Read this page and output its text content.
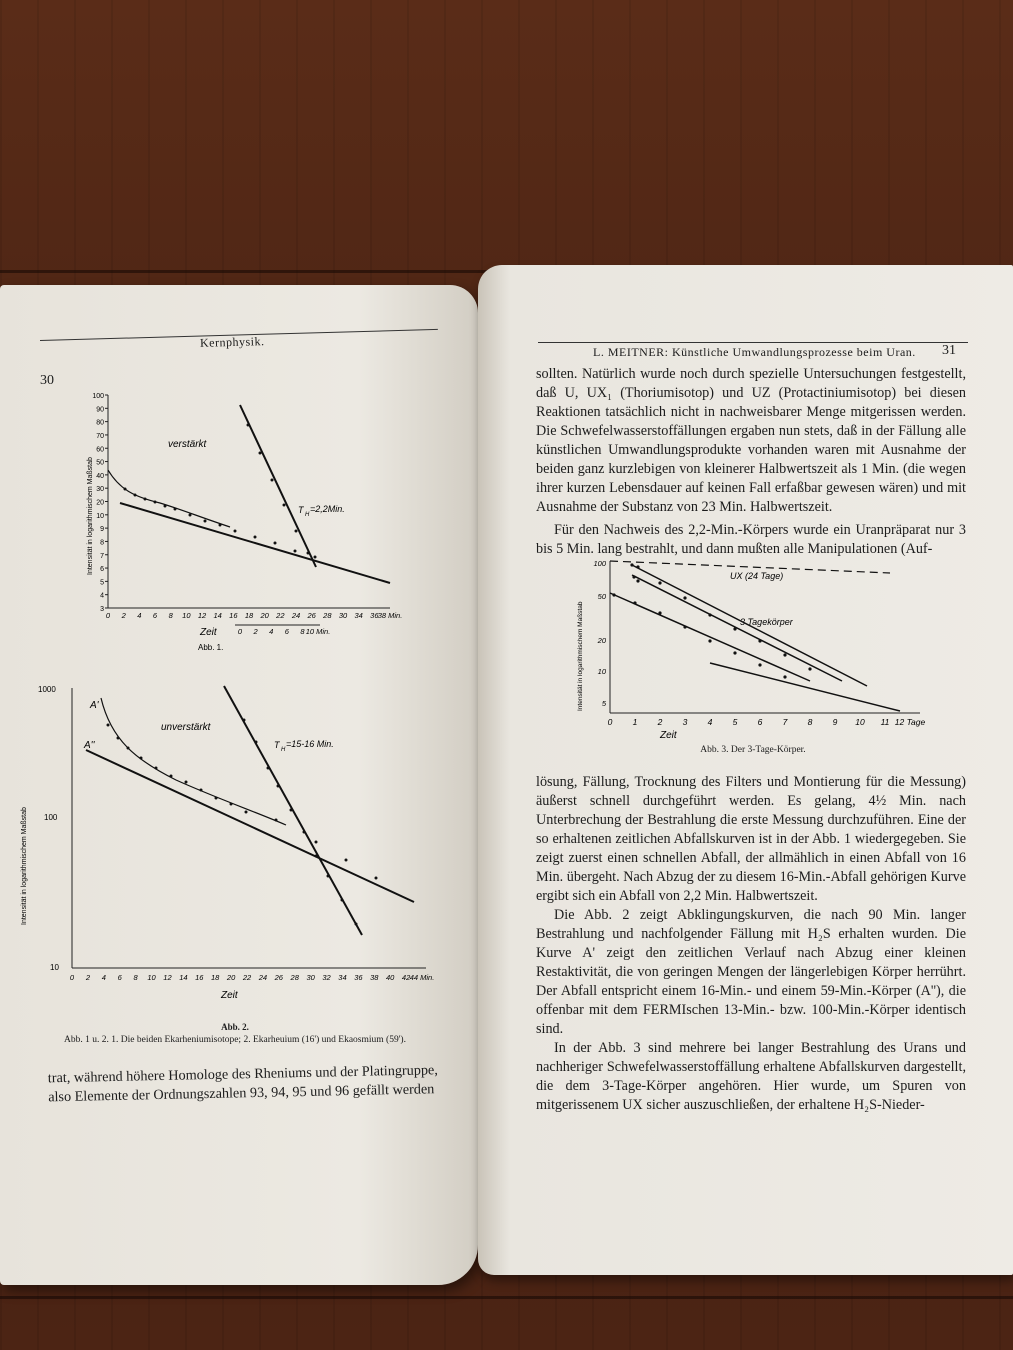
Kernphysik.
30
Intensität in logarithmischem Maßstab
100
90
80
70
60
50
40
30
20
10
9
8
7
6
5
4
3
0 2 4 6 8 10 12 14 16 18 20 22 24 26 28 30 34 36 38 Min.
0 2 4 6 8 10 Min.
Zeit
verstärkt
T H
=2,2Min.
Abb. 1.
Intensität in logarithmischem Maßstab
1000
100
10
0 2 4 6 8 10 12 14 16 18 20 22 24 26 28 30 32 34 36 38 40 42 44 Min.
Zeit
unverstärkt
A'
A''	T H
=15-16 Min.
Abb. 2.
Abb. 1 u. 2. 1. Die beiden Ekarheniumisotope; 2. Ekarheuium (16') und Ekaosmium (59').

trat, während höhere Homologe des Rheniums und der Platingruppe,

also Elemente der Ordnungszahlen 93, 94, 95 und 96 gefällt werden

L. MEITNER: Künstliche Umwandlungsprozesse beim Uran. 31

sollten. Natürlich wurde noch durch spezielle Untersuchungen festgestellt, daß U, UX₁ (Thoriumisotop) und UZ (Protactiniumisotop) bei diesen Reaktionen tatsächlich nicht in nachweisbarer Menge mitgerissen werden. Die Schwefelwasserstoffällungen ergaben nun stets, daß in der Fällung alle künstlichen Umwandlungsprodukte vorhanden waren mit Ausnahme der beiden ganz kurzlebigen von kleinerer Halbwertszeit als 1 Min. (die wegen ihrer kurzen Lebensdauer auf keinen Fall erfaßbar gewesen wären) und mit Ausnahme der Substanz von 23 Min. Halbwertszeit.

Für den Nachweis des 2,2-Min.-Körpers wurde ein Uranpräparat nur 3 bis 5 Min. lang bestrahlt, und dann mußten alle Manipulationen (Auf-

Intensität in logarithmischem Maßstab
100
50
20
10
5
0 1 2 3 4 5 6 7 8 9 10 11 12 Tage
Zeit
UX (24 Tage)
3 Tagekörper
Abb. 3. Der 3-Tage-Körper.

lösung, Fällung, Trocknung des Filters und Montierung für die Messung) äußerst schnell durchgeführt werden. Es gelang, 4½ Min. nach Unterbrechung der Bestrahlung die erste Messung durchzuführen. Eine der so erhaltenen zeitlichen Abfallskurven ist in der Abb. 1 wiedergegeben. Sie zeigt zuerst einen schnellen Abfall, der allmählich in einen Abfall von 16 Min. übergeht. Nach Abzug der zu diesem 16-Min.-Abfall gehörigen Kurve ergibt sich ein Abfall von 2,2 Min. Halbwertszeit.

Die Abb. 2 zeigt Abklingungskurven, die nach 90 Min. langer Bestrahlung und nachfolgender Fällung mit H₂S erhalten wurden. Die Kurve A' zeigt den zeitlichen Verlauf nach Abzug einer kleinen Restaktivität, die von geringen Mengen der längerlebigen Körper herrührt. Der Abfall entspricht einem 16-Min.- und einem 59-Min.-Körper (A''), die offenbar mit dem FERMIschen 13-Min.- bzw. 100-Min.-Körper identisch sind.

In der Abb. 3 sind mehrere bei langer Bestrahlung des Urans und nachheriger Schwefelwasserstoffällung erhaltene Abfallskurven dargestellt, die dem 3-Tage-Körper angehören. Hier wurde, um Spuren von mitgerissenem UX sicher auszuschließen, der erhaltene H₂S-Nieder-
